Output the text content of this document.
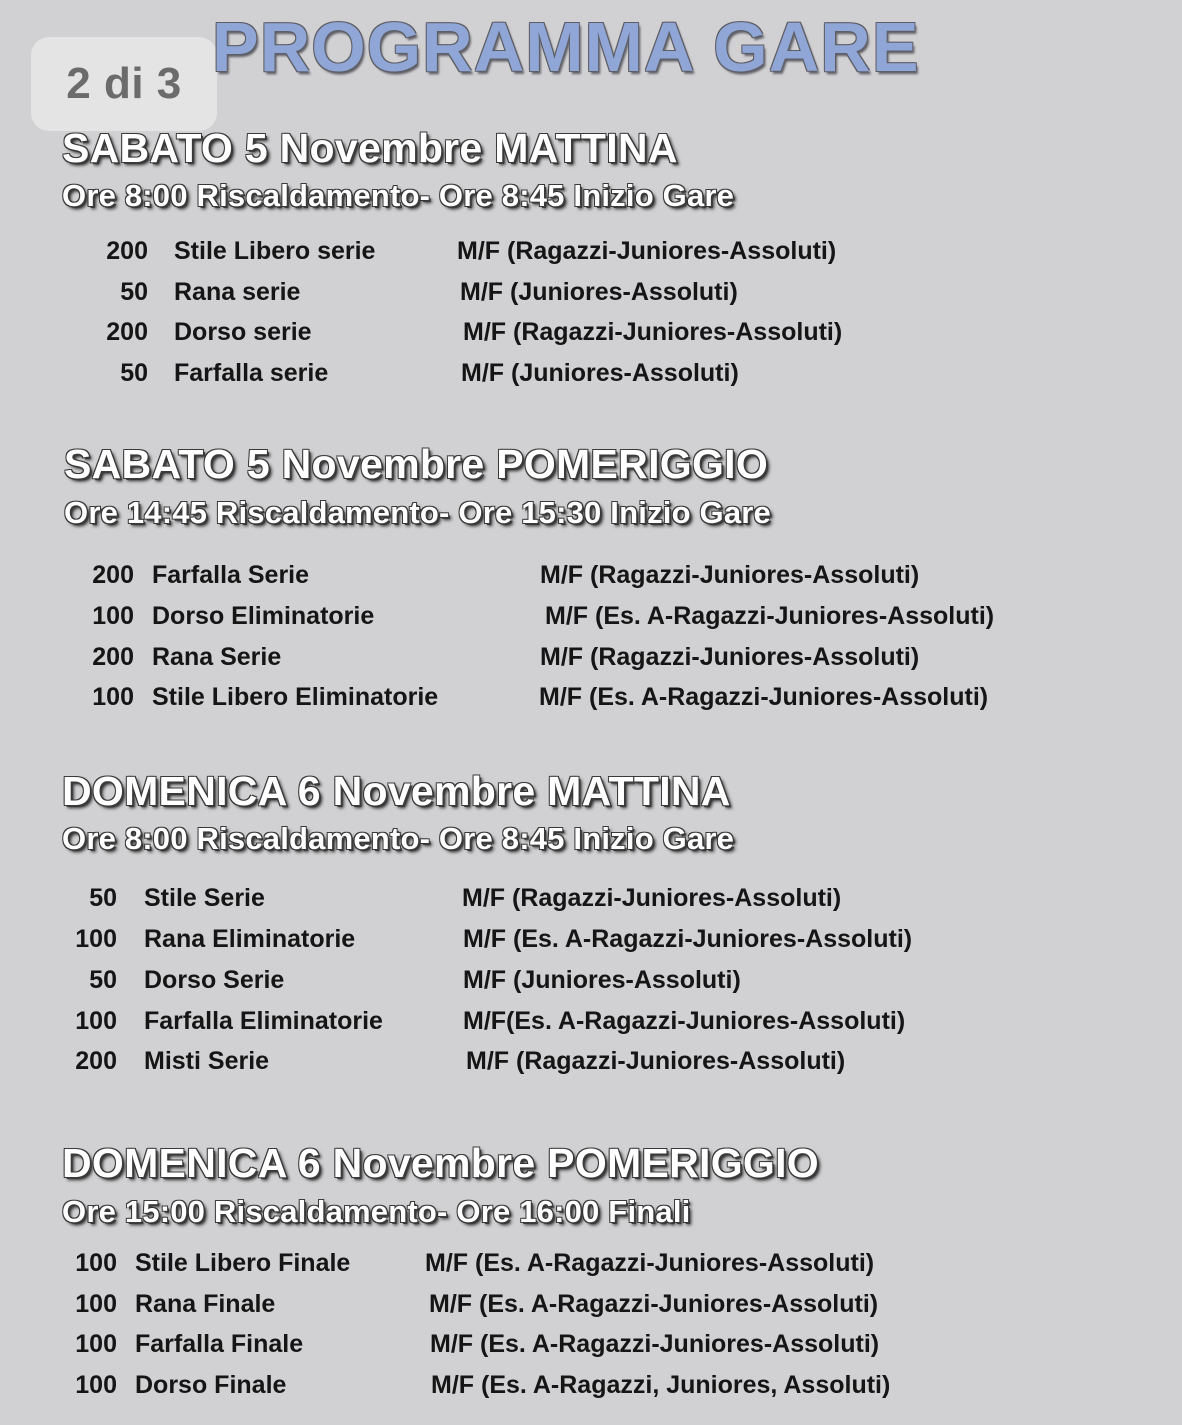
2 di 3 PROGRAMMA GARE
SABATO 5 Novembre MATTINA
Ore 8:00 Riscaldamento- Ore 8:45 Inizio Gare
200 Stile Libero serie	M/F (Ragazzi-Juniores-Assoluti)
50 Rana serie	M/F (Juniores-Assoluti)
200 Dorso serie	M/F (Ragazzi-Juniores-Assoluti)
50 Farfalla serie	M/F (Juniores-Assoluti)
SABATO 5 Novembre POMERIGGIO
Ore 14:45 Riscaldamento- Ore 15:30 Inizio Gare
200 Farfalla Serie	M/F (Ragazzi-Juniores-Assoluti)
100 Dorso Eliminatorie	M/F (Es. A-Ragazzi-Juniores-Assoluti)
200 Rana Serie	M/F (Ragazzi-Juniores-Assoluti)
100 Stile Libero Eliminatorie	M/F (Es. A-Ragazzi-Juniores-Assoluti)
DOMENICA 6 Novembre MATTINA
Ore 8:00 Riscaldamento- Ore 8:45 Inizio Gare
50 Stile Serie	M/F (Ragazzi-Juniores-Assoluti)
100 Rana Eliminatorie	M/F (Es. A-Ragazzi-Juniores-Assoluti)
50 Dorso Serie	M/F (Juniores-Assoluti)
100 Farfalla Eliminatorie	M/F(Es. A-Ragazzi-Juniores-Assoluti)
200 Misti Serie	M/F (Ragazzi-Juniores-Assoluti)
DOMENICA 6 Novembre POMERIGGIO
Ore 15:00 Riscaldamento- Ore 16:00 Finali
100 Stile Libero Finale	M/F (Es. A-Ragazzi-Juniores-Assoluti)
100 Rana Finale	M/F (Es. A-Ragazzi-Juniores-Assoluti)
100 Farfalla Finale	M/F (Es. A-Ragazzi-Juniores-Assoluti)
100 Dorso Finale	M/F (Es. A-Ragazzi, Juniores, Assoluti)
